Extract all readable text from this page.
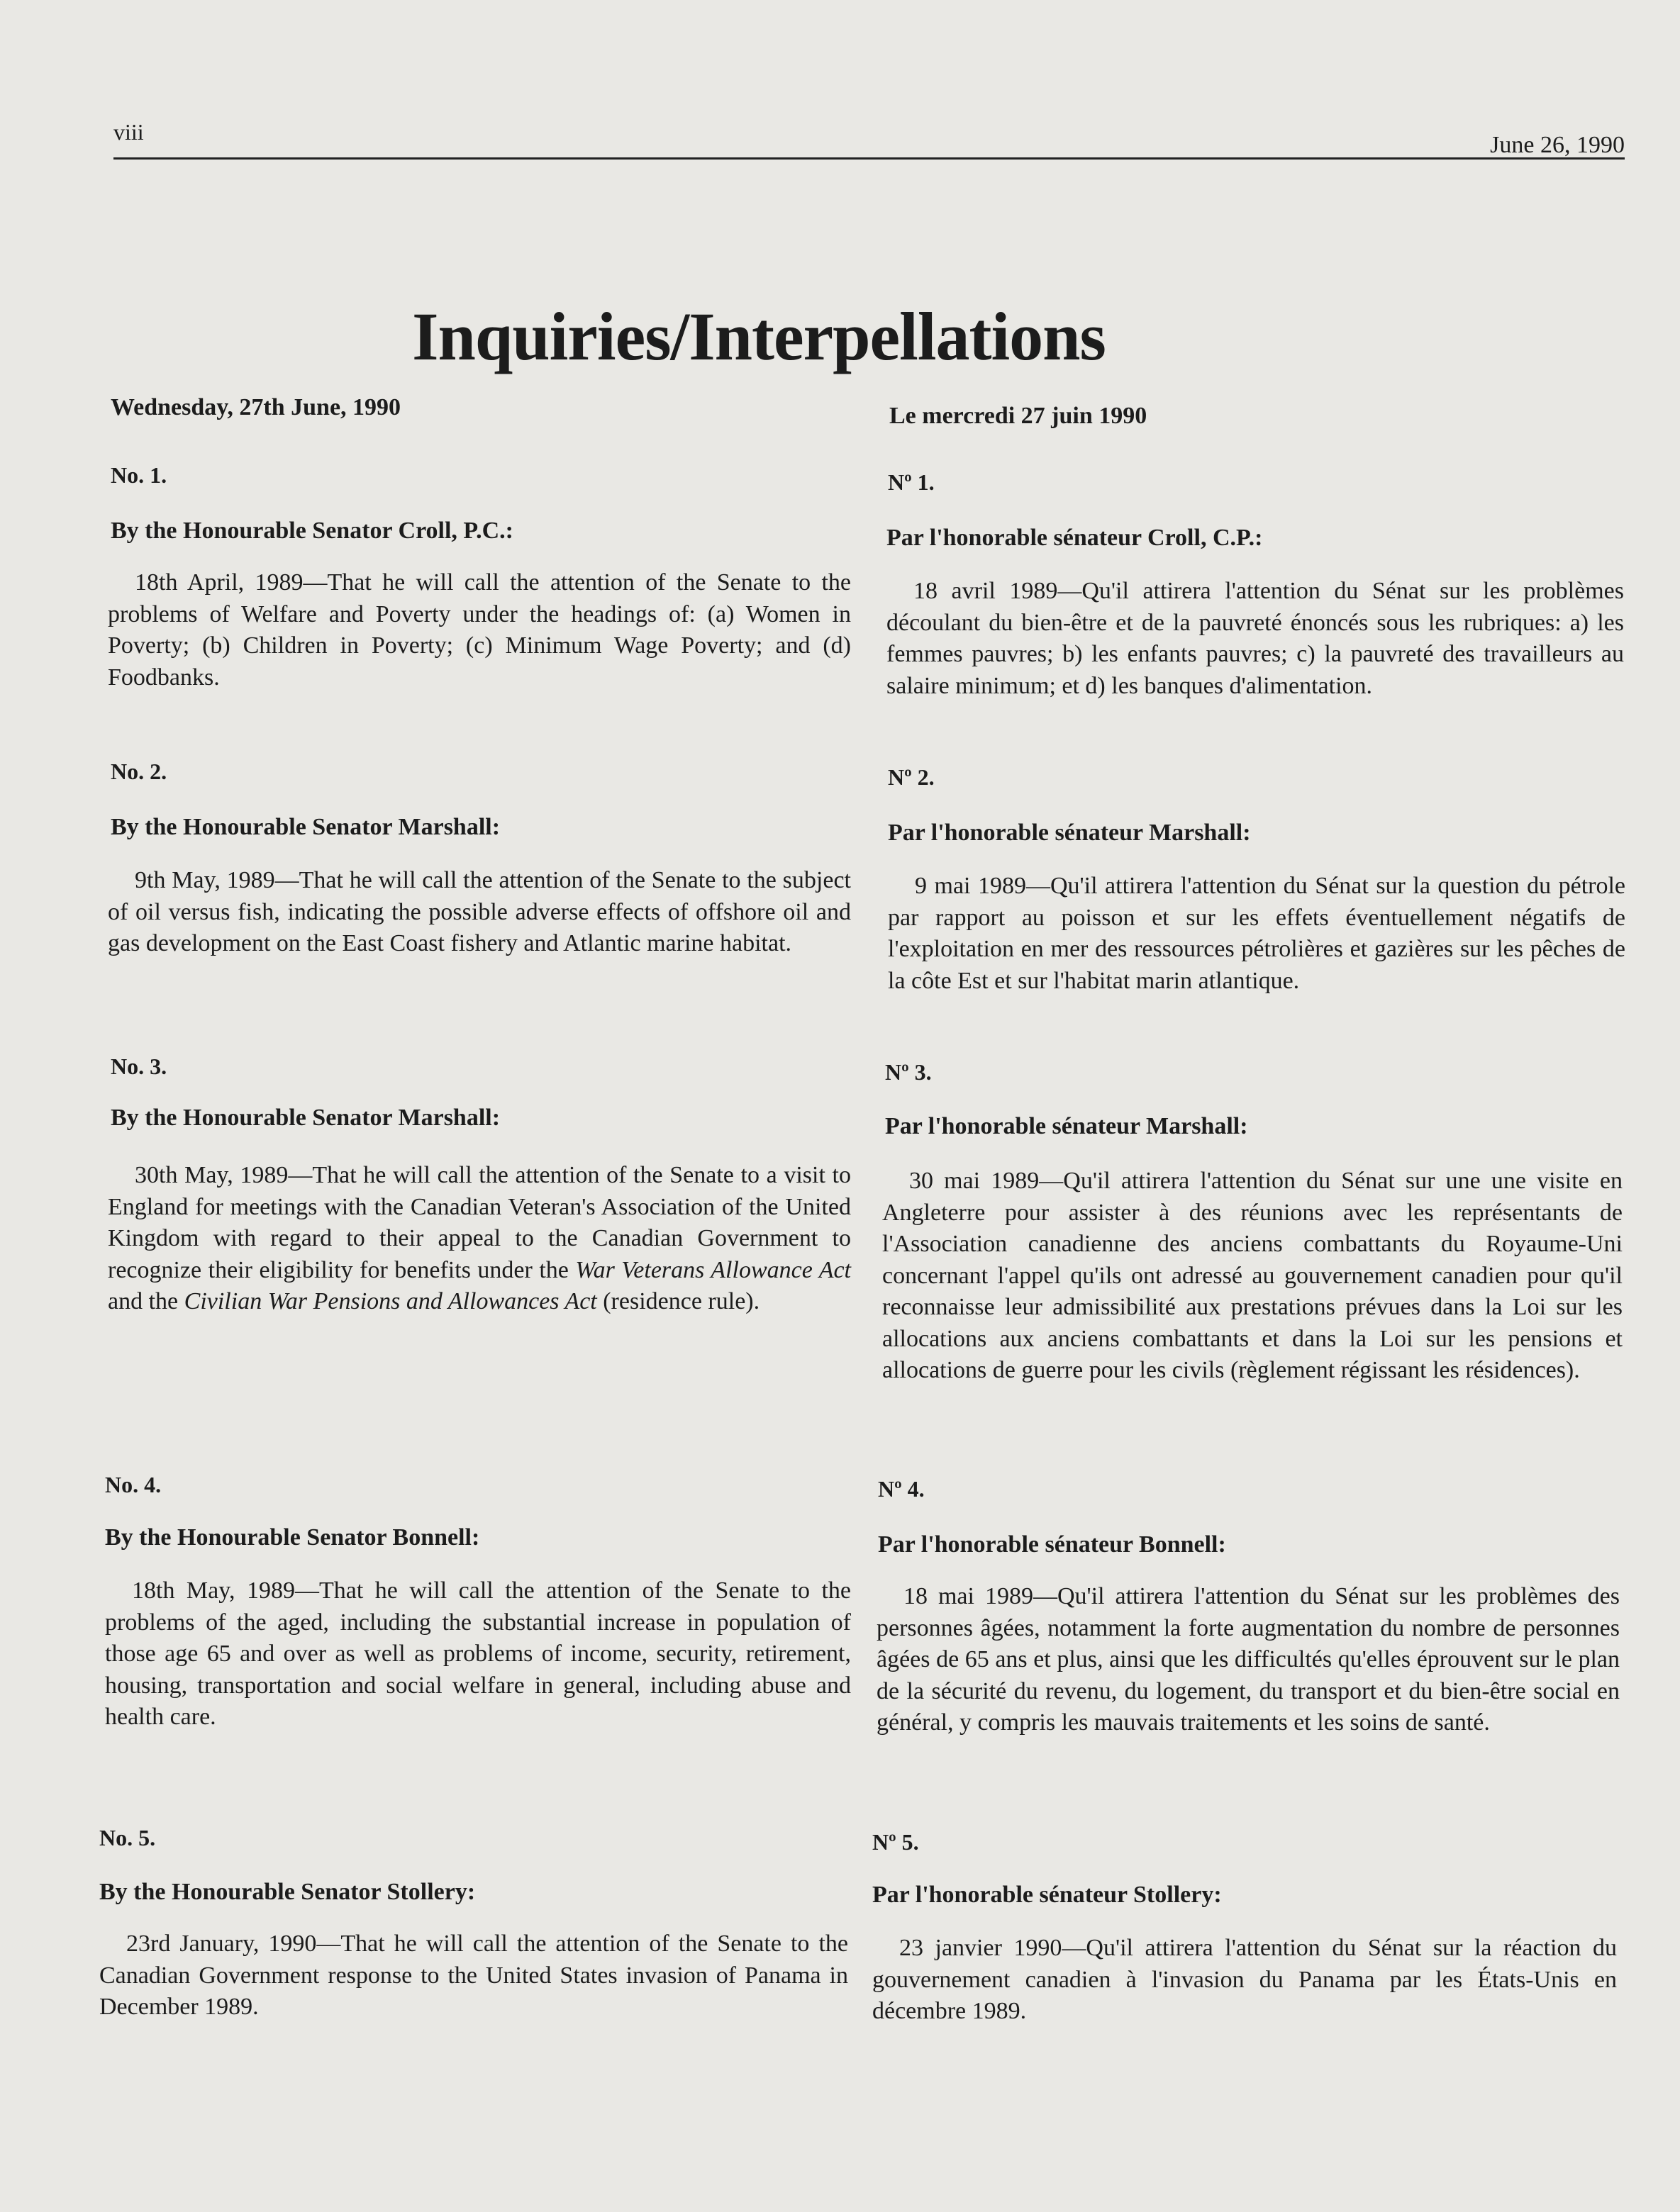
viii	June 26, 1990
Inquiries/Interpellations
Wednesday, 27th June, 1990
No. 1.
By the Honourable Senator Croll, P.C.:
18th April, 1989—That he will call the attention of the Senate to the problems of Welfare and Poverty under the headings of: (a) Women in Poverty; (b) Children in Poverty; (c) Minimum Wage Poverty; and (d) Foodbanks.
No. 2.
By the Honourable Senator Marshall:
9th May, 1989—That he will call the attention of the Senate to the subject of oil versus fish, indicating the possible adverse effects of offshore oil and gas development on the East Coast fishery and Atlantic marine habitat.
No. 3.
By the Honourable Senator Marshall:
30th May, 1989—That he will call the attention of the Senate to a visit to England for meetings with the Canadian Veteran's Association of the United Kingdom with regard to their appeal to the Canadian Government to recognize their eligibility for benefits under the War Veterans Allowance Act and the Civilian War Pensions and Allowances Act (residence rule).
No. 4.
By the Honourable Senator Bonnell:
18th May, 1989—That he will call the attention of the Senate to the problems of the aged, including the substantial increase in population of those age 65 and over as well as problems of income, security, retirement, housing, transportation and social welfare in general, including abuse and health care.
No. 5.
By the Honourable Senator Stollery:
23rd January, 1990—That he will call the attention of the Senate to the Canadian Government response to the United States invasion of Panama in December 1989.
Le mercredi 27 juin 1990
Nº 1.
Par l'honorable sénateur Croll, C.P.:
18 avril 1989—Qu'il attirera l'attention du Sénat sur les problèmes découlant du bien-être et de la pauvreté énoncés sous les rubriques: a) les femmes pauvres; b) les enfants pauvres; c) la pauvreté des travailleurs au salaire minimum; et d) les banques d'alimentation.
Nº 2.
Par l'honorable sénateur Marshall:
9 mai 1989—Qu'il attirera l'attention du Sénat sur la question du pétrole par rapport au poisson et sur les effets éventuellement négatifs de l'exploitation en mer des ressources pétrolières et gazières sur les pêches de la côte Est et sur l'habitat marin atlantique.
Nº 3.
Par l'honorable sénateur Marshall:
30 mai 1989—Qu'il attirera l'attention du Sénat sur une une visite en Angleterre pour assister à des réunions avec les représentants de l'Association canadienne des anciens combattants du Royaume-Uni concernant l'appel qu'ils ont adressé au gouvernement canadien pour qu'il reconnaisse leur admissibilité aux prestations prévues dans la Loi sur les allocations aux anciens combattants et dans la Loi sur les pensions et allocations de guerre pour les civils (règlement régissant les résidences).
Nº 4.
Par l'honorable sénateur Bonnell:
18 mai 1989—Qu'il attirera l'attention du Sénat sur les problèmes des personnes âgées, notamment la forte augmentation du nombre de personnes âgées de 65 ans et plus, ainsi que les difficultés qu'elles éprouvent sur le plan de la sécurité du revenu, du logement, du transport et du bien-être social en général, y compris les mauvais traitements et les soins de santé.
Nº 5.
Par l'honorable sénateur Stollery:
23 janvier 1990—Qu'il attirera l'attention du Sénat sur la réaction du gouvernement canadien à l'invasion du Panama par les États-Unis en décembre 1989.
